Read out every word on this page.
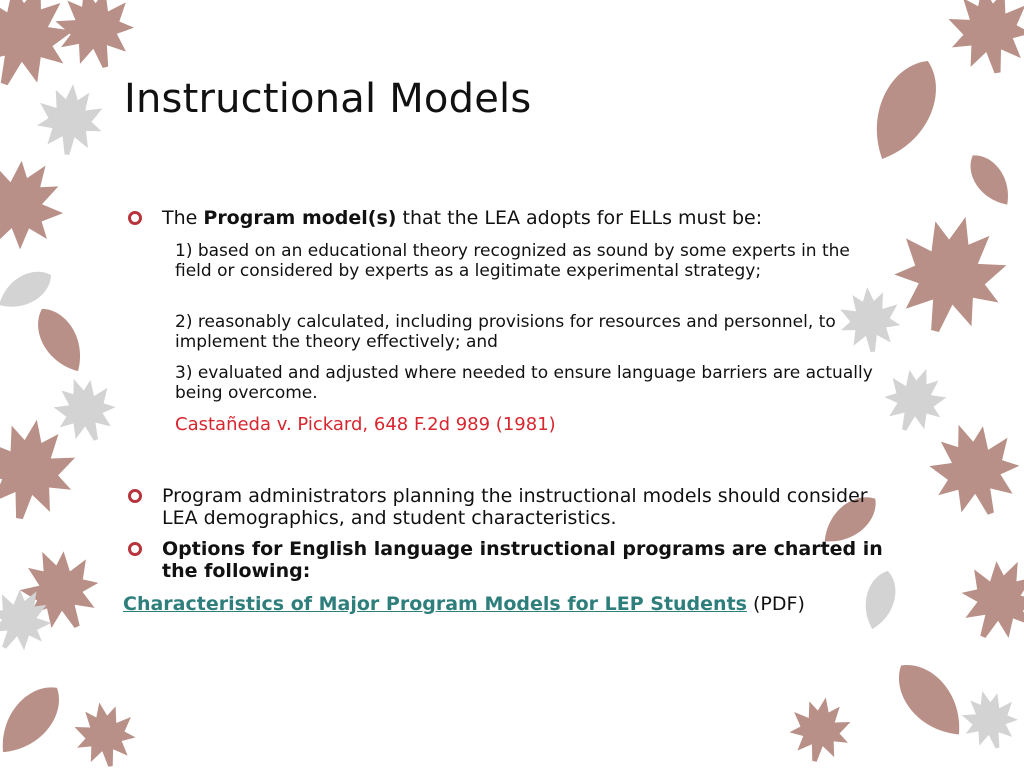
Instructional Models
The Program model(s) that the LEA adopts for ELLs must be:
1) based on an educational theory recognized as sound by some experts in the field or considered by experts as a legitimate experimental strategy;
2) reasonably calculated, including provisions for resources and personnel, to implement the theory effectively; and
3) evaluated and adjusted where needed to ensure language barriers are actually being overcome.
Castañeda v. Pickard, 648 F.2d 989 (1981)
Program administrators planning the instructional models should consider LEA demographics, and student characteristics.
Options for English language instructional programs are charted in the following:
Characteristics of Major Program Models for LEP Students (PDF)
